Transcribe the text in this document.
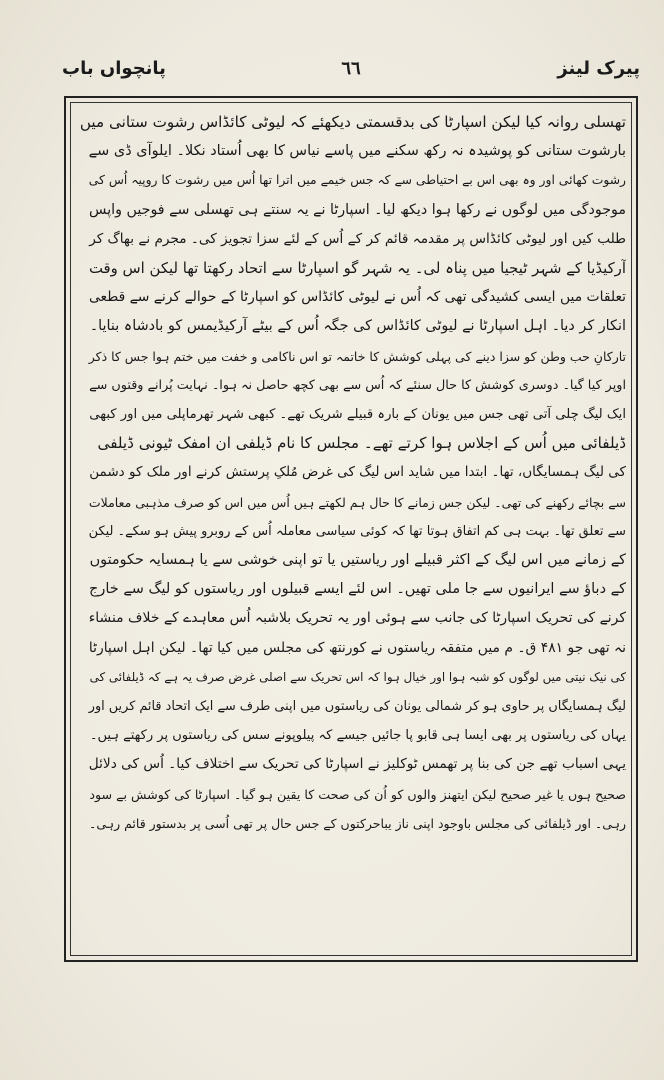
پیرک لینز
٦٦
پانچواں باب
تھسلی روانہ کیا لیکن اسپارٹا کی بدقسمتی دیکھئے کہ لیوٹی کائڈاس رشوت ستانی میں
بارشوت ستانی کو پوشیدہ نہ رکھ سکنے میں پاسے نیاس کا بھی اُستاد نکلا۔ ایلوآی ڈی سے
رشوت کھائی اور وہ بھی اس بے احتیاطی سے کہ جس خیمے میں اترا تھا اُس میں رشوت کا روپیہ اُس کی
موجودگی میں لوگوں نے رکھا ہوا دیکھ لیا۔ اسپارٹا نے یہ سنتے ہی تھسلی سے فوجیں واپس
طلب کیں اور لیوٹی کائڈاس پر مقدمہ قائم کر کے اُس کے لئے سزا تجویز کی۔ مجرم نے بھاگ کر
آرکیڈیا کے شہر ٹیجیا میں پناہ لی۔ یہ شہر گو اسپارٹا سے اتحاد رکھتا تھا لیکن اس وقت
تعلقات میں ایسی کشیدگی تھی کہ اُس نے لیوٹی کائڈاس کو اسپارٹا کے حوالے کرنے سے قطعی
انکار کر دیا۔ اہل اسپارٹا نے لیوٹی کائڈاس کی جگہ اُس کے بیٹے آرکیڈیمس کو بادشاہ بنایا۔
تارکانِ حب وطن کو سزا دینے کی پہلی کوشش کا خاتمہ تو اس ناکامی و خفت میں ختم ہوا جس کا ذکر
اوپر کیا گیا۔ دوسری کوشش کا حال سنئے کہ اُس سے بھی کچھ حاصل نہ ہوا۔ نہایت پُرانے وقتوں سے
ایک لیگ چلی آتی تھی جس میں یونان کے بارہ قبیلے شریک تھے۔ کبھی شہر تھرماپلی میں اور کبھی
ڈیلفائی میں اُس کے اجلاس ہوا کرتے تھے۔ مجلس کا نام ڈیلفی ان امفک ٹیونی ڈیلفی
کی لیگ ہمسایگاں، تھا۔ ابتدا میں شاید اس لیگ کی غرض مُلکِ پرستش کرنے اور ملک کو دشمن
سے بچائے رکھنے کی تھی۔ لیکن جس زمانے کا حال ہم لکھتے ہیں اُس میں اس کو صرف مذہبی معاملات
سے تعلق تھا۔ بہت ہی کم اتفاق ہوتا تھا کہ کوئی سیاسی معاملہ اُس کے روبرو پیش ہو سکے۔ لیکن
کے زمانے میں اس لیگ کے اکثر قبیلے اور ریاستیں یا تو اپنی خوشی سے یا ہمسایہ حکومتوں
کے دباؤ سے ایرانیوں سے جا ملی تھیں۔ اس لئے ایسے قبیلوں اور ریاستوں کو لیگ سے خارج
کرنے کی تحریک اسپارٹا کی جانب سے ہوئی اور یہ تحریک بلاشبہ اُس معاہدے کے خلاف منشاء
نہ تھی جو ۴۸۱ ق۔ م میں متفقہ ریاستوں نے کورنتھ کی مجلس میں کیا تھا۔ لیکن اہل اسپارٹا
کی نیک نیتی میں لوگوں کو شبہ ہوا اور خیال ہوا کہ اس تحریک سے اصلی غرض صرف یہ ہے کہ ڈیلفائی کی
لیگ ہمسایگاں پر حاوی ہو کر شمالی یونان کی ریاستوں میں اپنی طرف سے ایک اتحاد قائم کریں اور
یہاں کی ریاستوں پر بھی ایسا ہی قابو پا جائیں جیسے کہ پیلوپونے سس کی ریاستوں پر رکھتے ہیں۔
یہی اسباب تھے جن کی بنا پر تھمس ٹوکلیز نے اسپارٹا کی تحریک سے اختلاف کیا۔ اُس کی دلائل
صحیح ہوں یا غیر صحیح لیکن ایتھنز والوں کو اُن کی صحت کا یقین ہو گیا۔ اسپارٹا کی کوشش بے سود
رہی۔ اور ڈیلفائی کی مجلس باوجود اپنی ناز یباحرکتوں کے جس حال پر تھی اُسی پر بدستور قائم رہی۔
